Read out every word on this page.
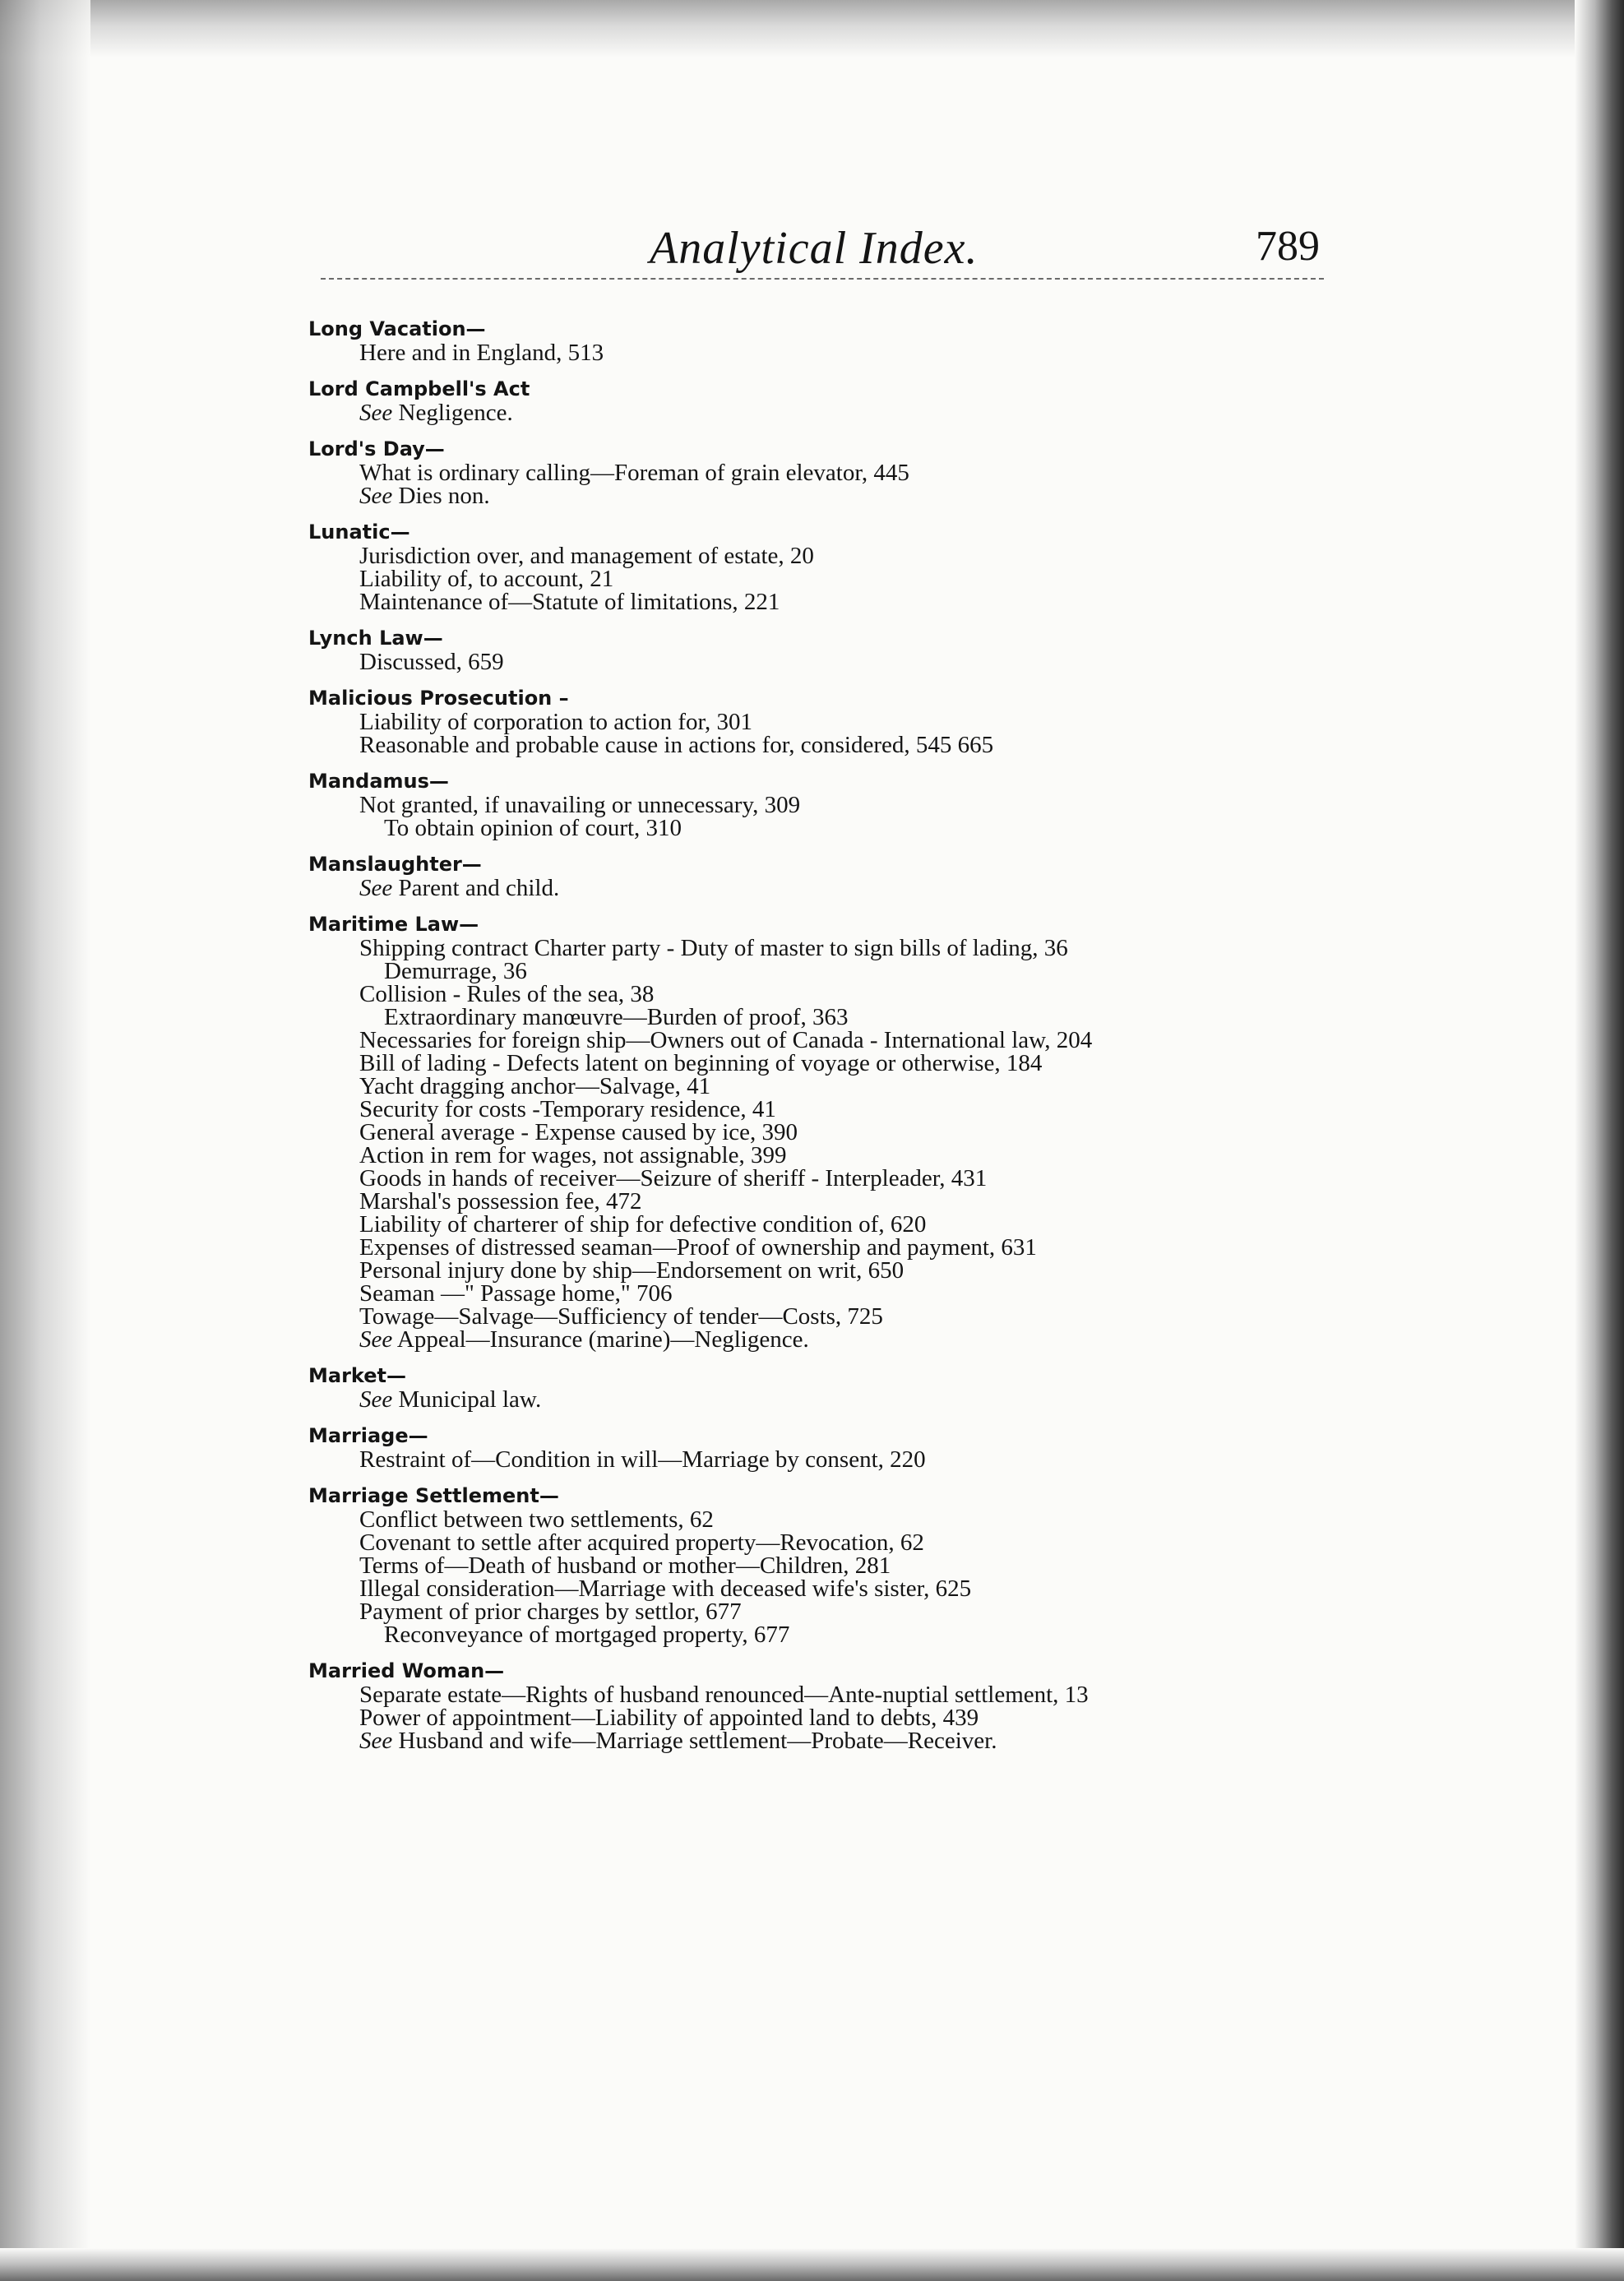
Analytical Index.	789
Long Vacation—
Here and in England, 513
Lord Campbell's Act
See Negligence.
Lord's Day—
What is ordinary calling—Foreman of grain elevator, 445
See Dies non.
Lunatic—
Jurisdiction over, and management of estate, 20
Liability of, to account, 21
Maintenance of—Statute of limitations, 221
Lynch Law—
Discussed, 659
Malicious Prosecution –
Liability of corporation to action for, 301
Reasonable and probable cause in actions for, considered, 545 665
Mandamus—
Not granted, if unavailing or unnecessary, 309
To obtain opinion of court, 310
Manslaughter—
See Parent and child.
Maritime Law—
Shipping contract Charter party - Duty of master to sign bills of lading, 36
Demurrage, 36
Collision - Rules of the sea, 38
Extraordinary manœuvre—Burden of proof, 363
Necessaries for foreign ship—Owners out of Canada - International law, 204
Bill of lading - Defects latent on beginning of voyage or otherwise, 184
Yacht dragging anchor—Salvage, 41
Security for costs -Temporary residence, 41
General average - Expense caused by ice, 390
Action in rem for wages, not assignable, 399
Goods in hands of receiver—Seizure of sheriff - Interpleader, 431
Marshal's possession fee, 472
Liability of charterer of ship for defective condition of, 620
Expenses of distressed seaman—Proof of ownership and payment, 631
Personal injury done by ship—Endorsement on writ, 650
Seaman —" Passage home," 706
Towage—Salvage—Sufficiency of tender—Costs, 725
See Appeal—Insurance (marine)—Negligence.
Market—
See Municipal law.
Marriage—
Restraint of—Condition in will—Marriage by consent, 220
Marriage Settlement—
Conflict between two settlements, 62
Covenant to settle after acquired property—Revocation, 62
Terms of—Death of husband or mother—Children, 281
Illegal consideration—Marriage with deceased wife's sister, 625
Payment of prior charges by settlor, 677
Reconveyance of mortgaged property, 677
Married Woman—
Separate estate—Rights of husband renounced—Ante-nuptial settlement, 13
Power of appointment—Liability of appointed land to debts, 439
See Husband and wife—Marriage settlement—Probate—Receiver.
